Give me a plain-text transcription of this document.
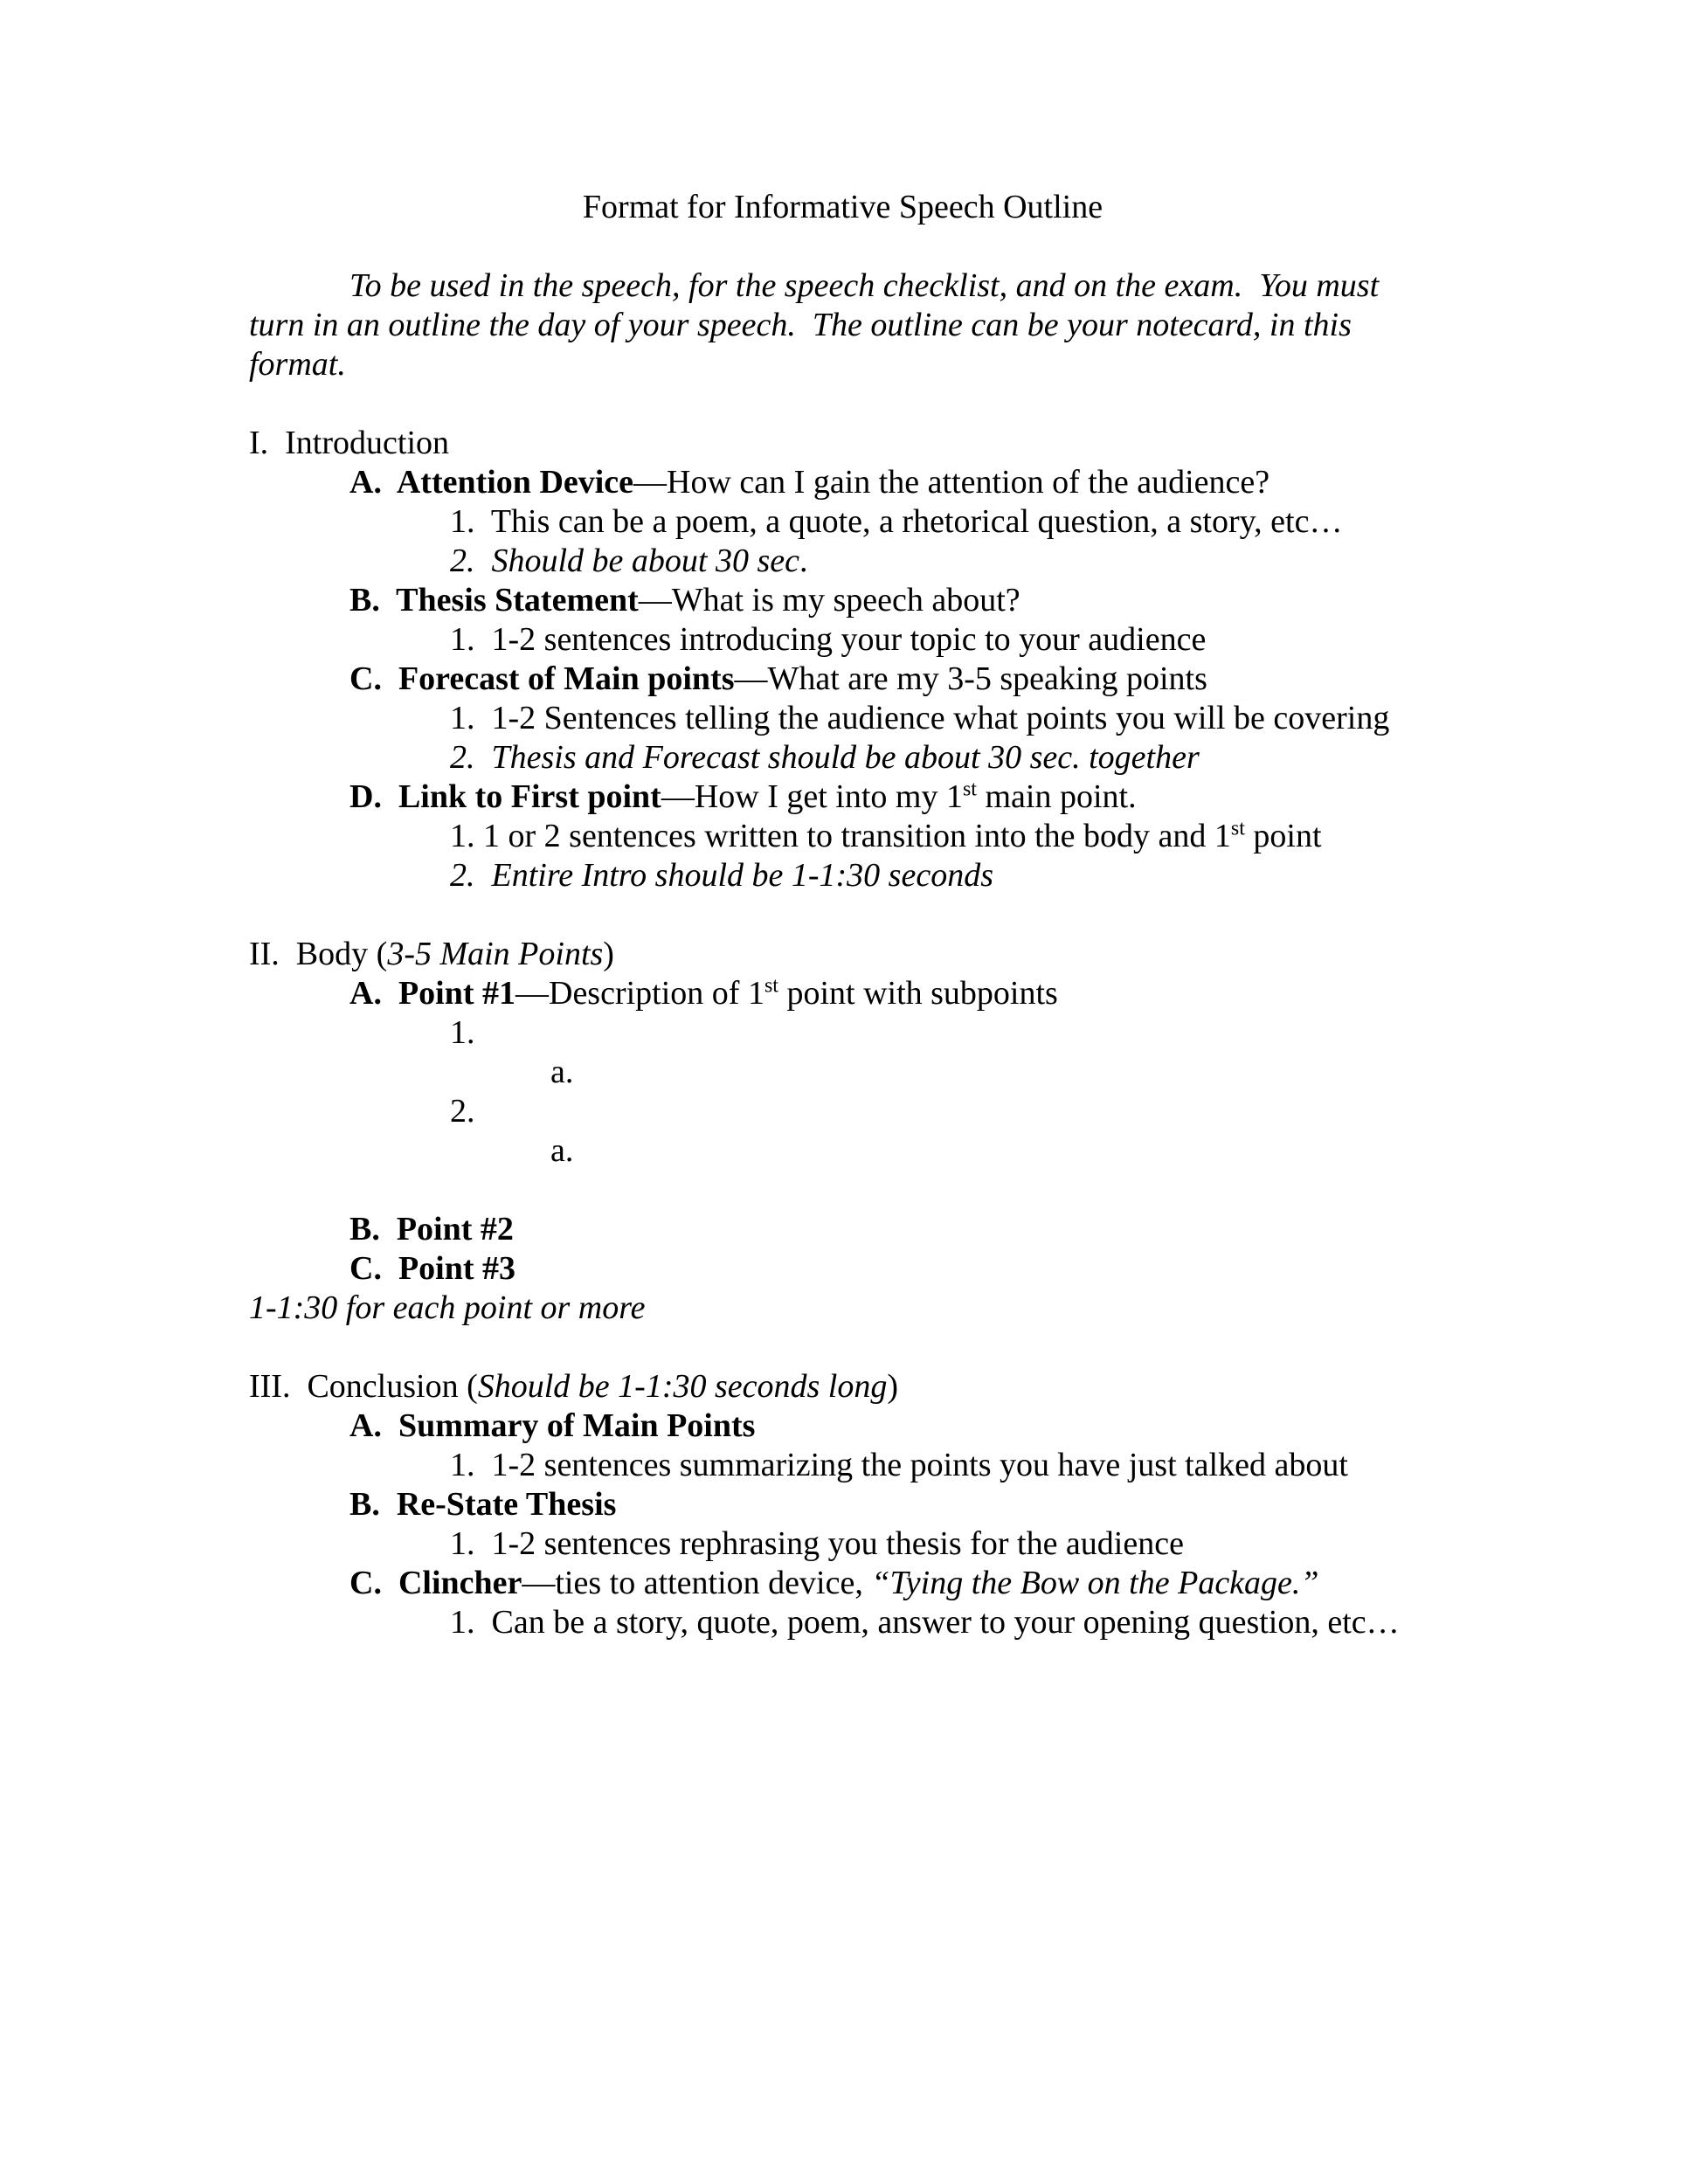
Format for Informative Speech Outline
To be used in the speech, for the speech checklist, and on the exam.  You must
turn in an outline the day of your speech.  The outline can be your notecard, in this
format.
I.  Introduction
A.  Attention Device—How can I gain the attention of the audience?
1.  This can be a poem, a quote, a rhetorical question, a story, etc…
2.  Should be about 30 sec.
B.  Thesis Statement—What is my speech about?
1.  1-2 sentences introducing your topic to your audience
C.  Forecast of Main points—What are my 3-5 speaking points
1.  1-2 Sentences telling the audience what points you will be covering
2.  Thesis and Forecast should be about 30 sec. together
D.  Link to First point—How I get into my 1st main point.
1. 1 or 2 sentences written to transition into the body and 1st point
2.  Entire Intro should be 1-1:30 seconds
II.  Body (3-5 Main Points)
A.  Point #1—Description of 1st point with subpoints
1.
a.
2.
a.
B.  Point #2
C.  Point #3
1-1:30 for each point or more
III.  Conclusion (Should be 1-1:30 seconds long)
A.  Summary of Main Points
1.  1-2 sentences summarizing the points you have just talked about
B.  Re-State Thesis
1.  1-2 sentences rephrasing you thesis for the audience
C.  Clincher—ties to attention device, “Tying the Bow on the Package.”
1.  Can be a story, quote, poem, answer to your opening question, etc…
